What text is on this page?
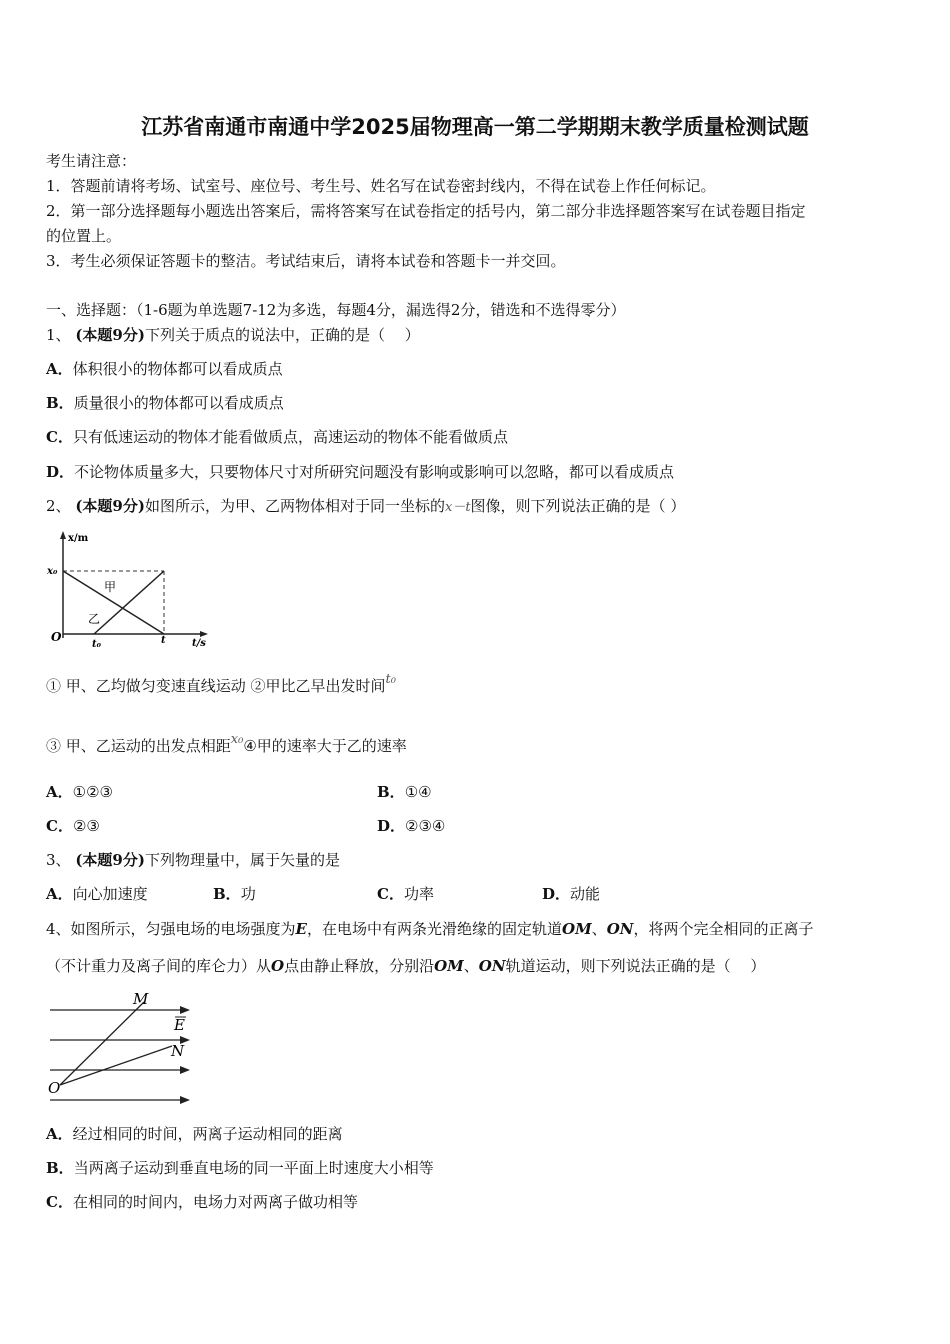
江苏省南通市南通中学2025届物理高一第二学期期末教学质量检测试题
考生请注意：
1．答题前请将考场、试室号、座位号、考生号、姓名写在试卷密封线内，不得在试卷上作任何标记。
2．第一部分选择题每小题选出答案后，需将答案写在试卷指定的括号内，第二部分非选择题答案写在试卷题目指定
的位置上。
3．考生必须保证答题卡的整洁。考试结束后，请将本试卷和答题卡一并交回。
一、选择题：（1-6题为单选题7-12为多选，每题4分，漏选得2分，错选和不选得零分）
1、 (本题9分)下列关于质点的说法中，正确的是（　 ）
A．体积很小的物体都可以看成质点
B．质量很小的物体都可以看成质点
C．只有低速运动的物体才能看做质点，高速运动的物体不能看做质点
D．不论物体质量多大，只要物体尺寸对所研究问题没有影响或影响可以忽略，都可以看成质点
2、 (本题9分)如图所示，为甲、乙两物体相对于同一坐标的x－t图像，则下列说法正确的是（ ）
x/m
x₀
甲
乙
O
t₀	t	t/s
① 甲、乙均做匀变速直线运动 ②甲比乙早出发时间t₀
③ 甲、乙运动的出发点相距x₀④甲的速率大于乙的速率
A．①②③	B．①④
C．②③	D．②③④
3、 (本题9分)下列物理量中，属于矢量的是
A．向心加速度	B．功	C．功率	D．动能
4、如图所示，匀强电场的电场强度为E，在电场中有两条光滑绝缘的固定轨道OM、ON，将两个完全相同的正离子
（不计重力及离子间的库仑力）从O点由静止释放，分别沿OM、ON轨道运动，则下列说法正确的是（　 ）
M
E
N
O
A．经过相同的时间，两离子运动相同的距离
B．当两离子运动到垂直电场的同一平面上时速度大小相等
C．在相同的时间内，电场力对两离子做功相等
